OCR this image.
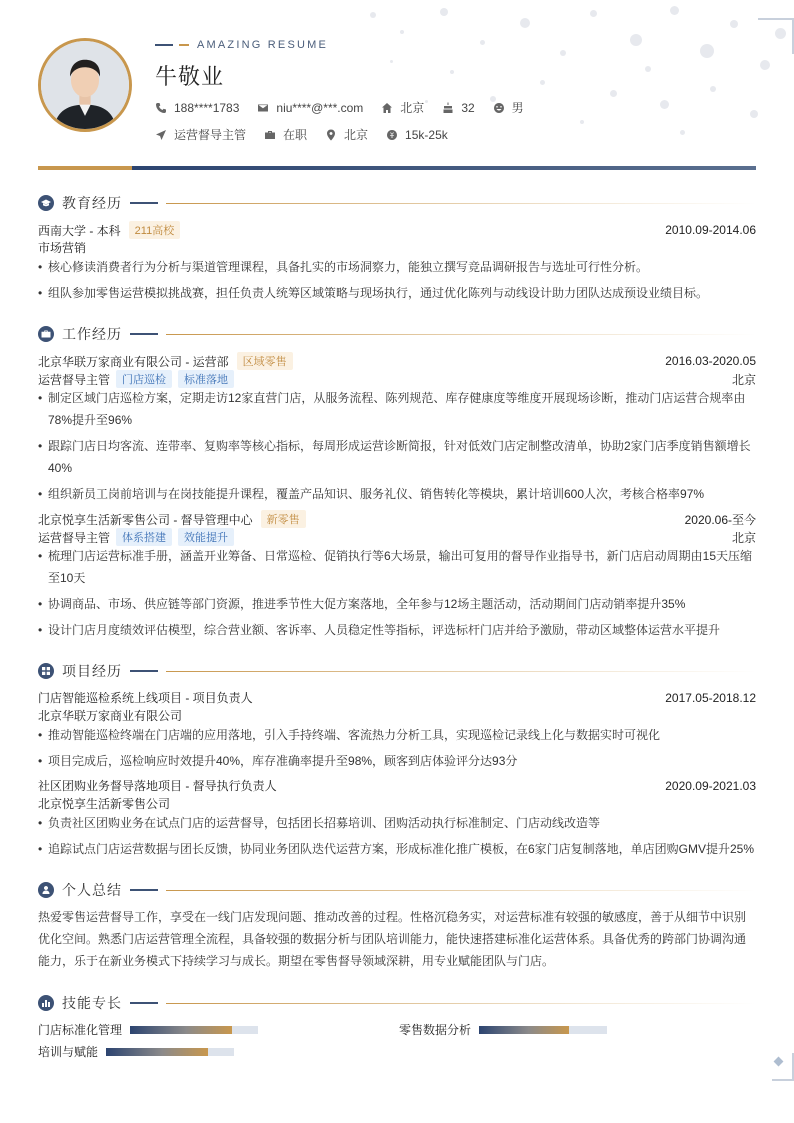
AMAZING RESUME
牛敬业
188****1783	niu****@***.com	北京	32	男
运营督导主管	在职	北京	15k-25k
教育经历
西南大学 - 本科	211高校	2010.09-2014.06
市场营销
• 核心修读消费者行为分析与渠道管理课程，具备扎实的市场洞察力，能独立撰写竞品调研报告与选址可行性分析。
• 组队参加零售运营模拟挑战赛，担任负责人统筹区域策略与现场执行，通过优化陈列与动线设计助力团队达成预设业绩目标。
工作经历
北京华联万家商业有限公司 - 运营部	区域零售	2016.03-2020.05
运营督导主管	门店巡检	标准落地	北京
• 制定区域门店巡检方案，定期走访12家直营门店，从服务流程、陈列规范、库存健康度等维度开展现场诊断，推动门店运营合规率由78%提升至96%
• 跟踪门店日均客流、连带率、复购率等核心指标，每周形成运营诊断简报，针对低效门店定制整改清单，协助2家门店季度销售额增长40%
• 组织新员工岗前培训与在岗技能提升课程，覆盖产品知识、服务礼仪、销售转化等模块，累计培训600人次，考核合格率97%
北京悦享生活新零售公司 - 督导管理中心	新零售	2020.06-至今
运营督导主管	体系搭建	效能提升	北京
• 梳理门店运营标准手册，涵盖开业筹备、日常巡检、促销执行等6大场景，输出可复用的督导作业指导书，新门店启动周期由15天压缩至10天
• 协调商品、市场、供应链等部门资源，推进季节性大促方案落地，全年参与12场主题活动，活动期间门店动销率提升35%
• 设计门店月度绩效评估模型，综合营业额、客诉率、人员稳定性等指标，评选标杆门店并给予激励，带动区域整体运营水平提升
项目经历
门店智能巡检系统上线项目 - 项目负责人	2017.05-2018.12
北京华联万家商业有限公司
• 推动智能巡检终端在门店端的应用落地，引入手持终端、客流热力分析工具，实现巡检记录线上化与数据实时可视化
• 项目完成后，巡检响应时效提升40%，库存准确率提升至98%，顾客到店体验评分达93分
社区团购业务督导落地项目 - 督导执行负责人	2020.09-2021.03
北京悦享生活新零售公司
• 负责社区团购业务在试点门店的运营督导，包括团长招募培训、团购活动执行标准制定、门店动线改造等
• 追踪试点门店运营数据与团长反馈，协同业务团队迭代运营方案，形成标准化推广模板，在6家门店复制落地，单店团购GMV提升25%
个人总结
热爱零售运营督导工作，享受在一线门店发现问题、推动改善的过程。性格沉稳务实，对运营标准有较强的敏感度，善于从细节中识别优化空间。熟悉门店运营管理全流程，具备较强的数据分析与团队培训能力，能快速搭建标准化运营体系。具备优秀的跨部门协调沟通能力，乐于在新业务模式下持续学习与成长。期望在零售督导领域深耕，用专业赋能团队与门店。
技能专长
门店标准化管理	零售数据分析
培训与赋能
